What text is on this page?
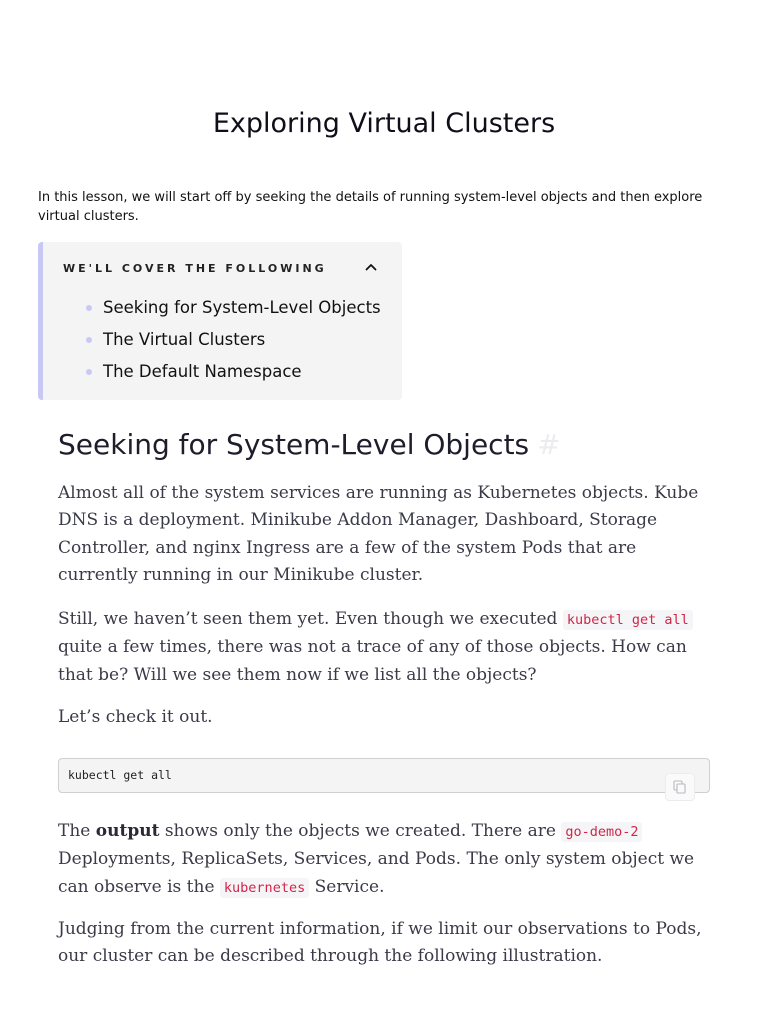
Exploring Virtual Clusters

In this lesson, we will start off by seeking the details of running system-level objects and then explore virtual clusters.

WE'LL COVER THE FOLLOWING
Seeking for System-Level Objects
The Virtual Clusters
The Default Namespace
Seeking for System-Level Objects #

Almost all of the system services are running as Kubernetes objects. Kube DNS is a deployment. Minikube Addon Manager, Dashboard, Storage Controller, and nginx Ingress are a few of the system Pods that are currently running in our Minikube cluster.

Still, we haven’t seen them yet. Even though we executed kubectl get all quite a few times, there was not a trace of any of those objects. How can that be? Will we see them now if we list all the objects?

Let’s check it out.

kubectl get all

The output shows only the objects we created. There are go-demo-2 Deployments, ReplicaSets, Services, and Pods. The only system object we can observe is the kubernetes Service.

Judging from the current information, if we limit our observations to Pods, our cluster can be described through the following illustration.
